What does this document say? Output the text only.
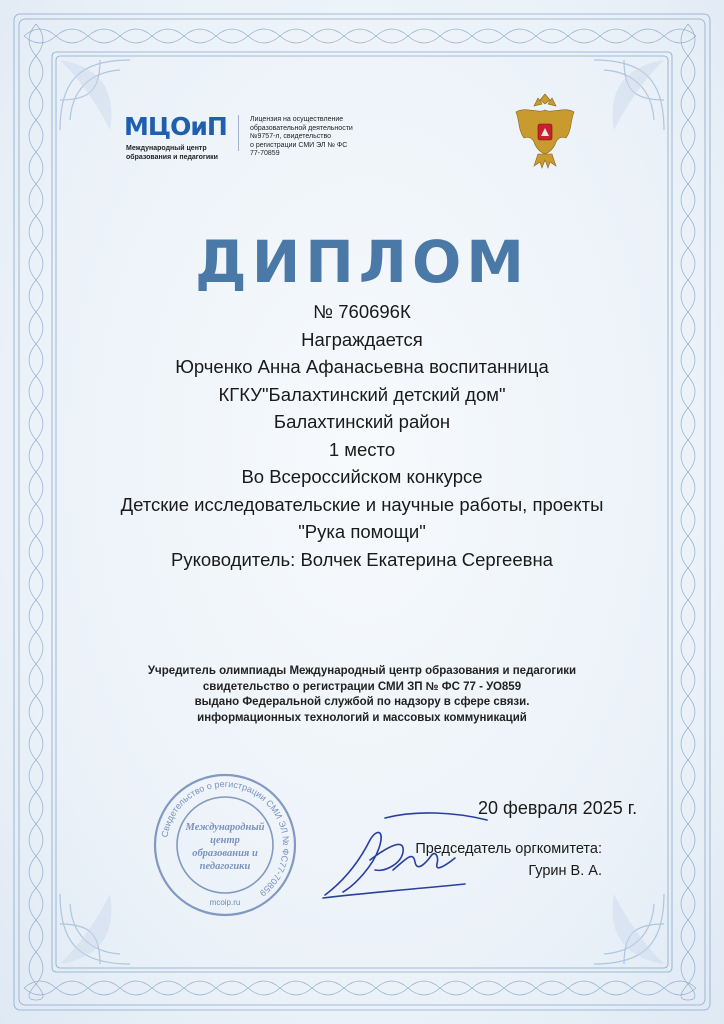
МЦОиП
Международный центр образования и педагогики
Лицензия на осуществление
образовательной деятельности
№9757-л, свидетельство
о регистрации СМИ ЭЛ № ФС
77-70859
ДИПЛОМ
№ 760696К
Награждается
Юрченко Анна Афанасьевна воспитанница
КГКУ"Балахтинский детский дом"
Балахтинский район
1 место
Во Всероссийском конкурсе
Детские исследовательские и научные работы, проекты
"Рука помощи"
Руководитель: Волчек Екатерина Сергеевна
Учредитель олимпиады Международный центр образования и педагогики
свидетельство о регистрации СМИ ЗП № ФС 77 - УО859
выдано Федеральной службой по надзору в сфере связи.
информационных технологий и массовых коммуникаций
Свидетельство о регистрации СМИ ЭЛ № ФС77-70859
Международный
центр
образования и
педагогики
mcoip.ru
20 февраля 2025 г.
Председатель оргкомитета:
Гурин В. А.
